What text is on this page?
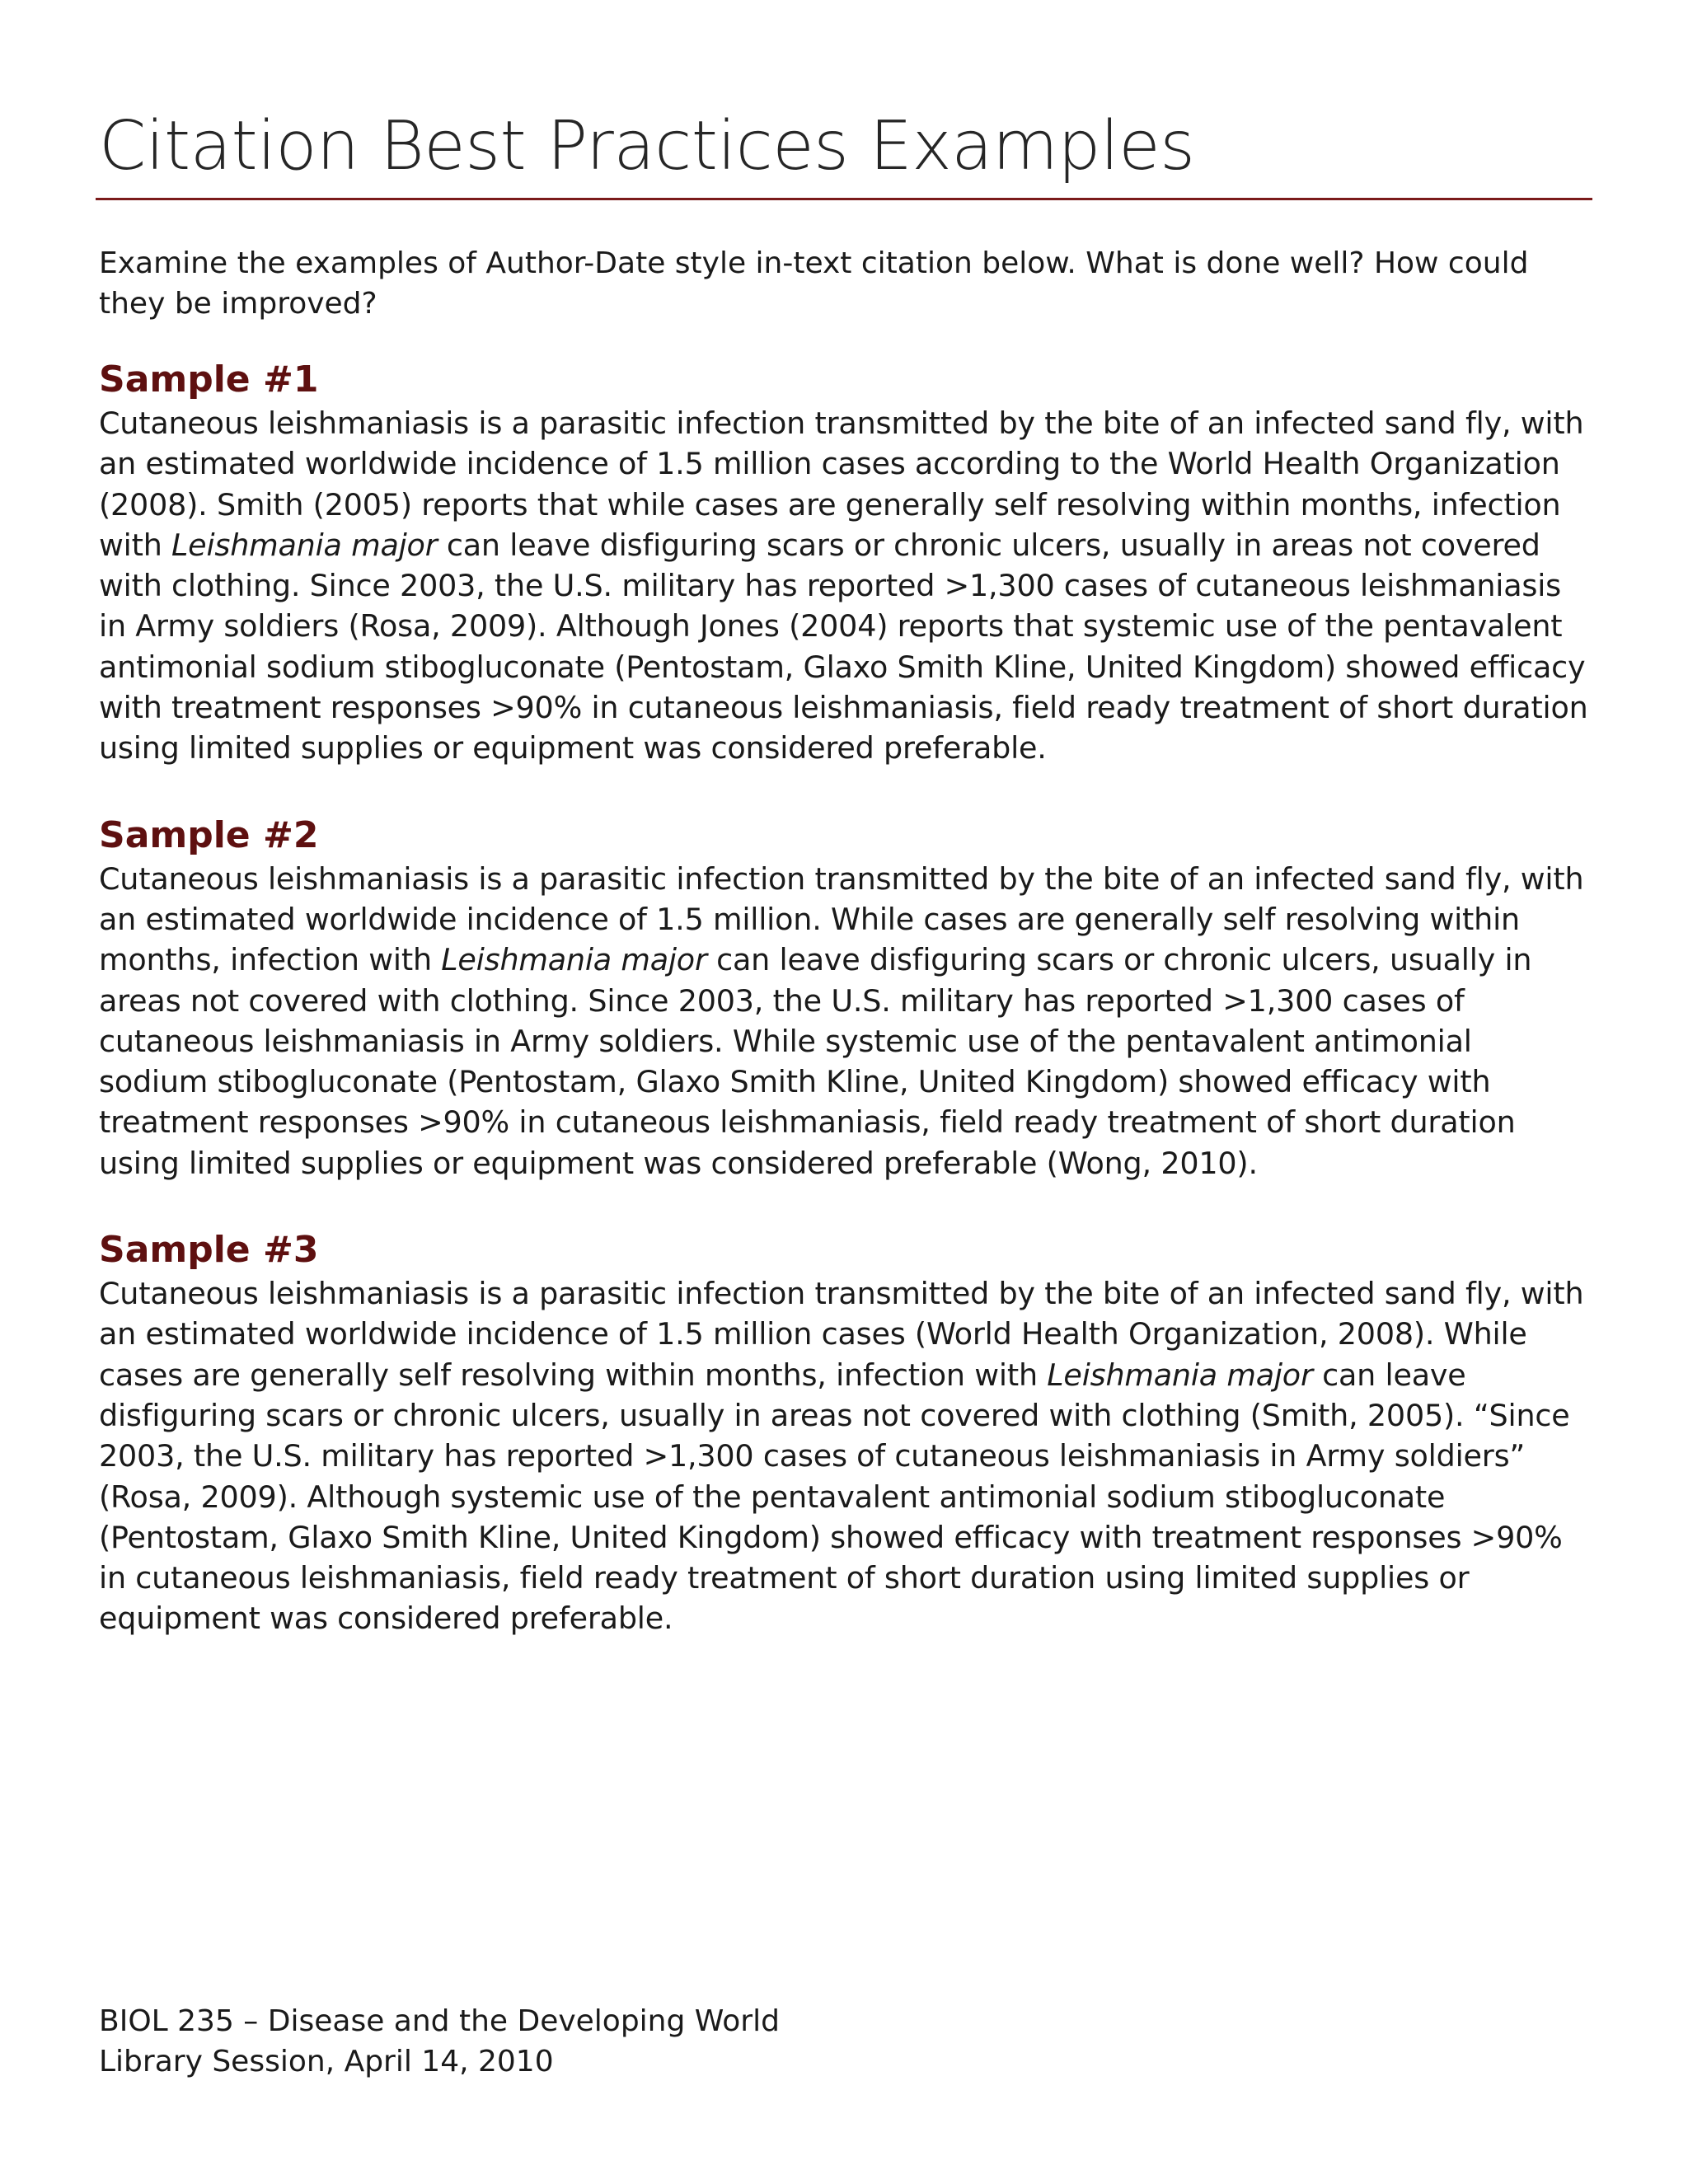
Citation Best Practices Examples

Examine the examples of Author-Date style in-text citation below. What is done well? How could they be improved?

Sample #1

Cutaneous leishmaniasis is a parasitic infection transmitted by the bite of an infected sand fly, with an estimated worldwide incidence of 1.5 million cases according to the World Health Organization (2008). Smith (2005) reports that while cases are generally self resolving within months, infection with Leishmania major can leave disfiguring scars or chronic ulcers, usually in areas not covered with clothing. Since 2003, the U.S. military has reported >1,300 cases of cutaneous leishmaniasis in Army soldiers (Rosa, 2009). Although Jones (2004) reports that systemic use of the pentavalent antimonial sodium stibogluconate (Pentostam, Glaxo Smith Kline, United Kingdom) showed efficacy with treatment responses >90% in cutaneous leishmaniasis, field ready treatment of short duration using limited supplies or equipment was considered preferable.

Sample #2

Cutaneous leishmaniasis is a parasitic infection transmitted by the bite of an infected sand fly, with an estimated worldwide incidence of 1.5 million. While cases are generally self resolving within months, infection with Leishmania major can leave disfiguring scars or chronic ulcers, usually in areas not covered with clothing. Since 2003, the U.S. military has reported >1,300 cases of cutaneous leishmaniasis in Army soldiers. While systemic use of the pentavalent antimonial sodium stibogluconate (Pentostam, Glaxo Smith Kline, United Kingdom) showed efficacy with treatment responses >90% in cutaneous leishmaniasis, field ready treatment of short duration using limited supplies or equipment was considered preferable (Wong, 2010).

Sample #3

Cutaneous leishmaniasis is a parasitic infection transmitted by the bite of an infected sand fly, with an estimated worldwide incidence of 1.5 million cases (World Health Organization, 2008). While cases are generally self resolving within months, infection with Leishmania major can leave disfiguring scars or chronic ulcers, usually in areas not covered with clothing (Smith, 2005). “Since 2003, the U.S. military has reported >1,300 cases of cutaneous leishmaniasis in Army soldiers” (Rosa, 2009). Although systemic use of the pentavalent antimonial sodium stibogluconate (Pentostam, Glaxo Smith Kline, United Kingdom) showed efficacy with treatment responses >90% in cutaneous leishmaniasis, field ready treatment of short duration using limited supplies or equipment was considered preferable.

BIOL 235 – Disease and the Developing World
Library Session, April 14, 2010
